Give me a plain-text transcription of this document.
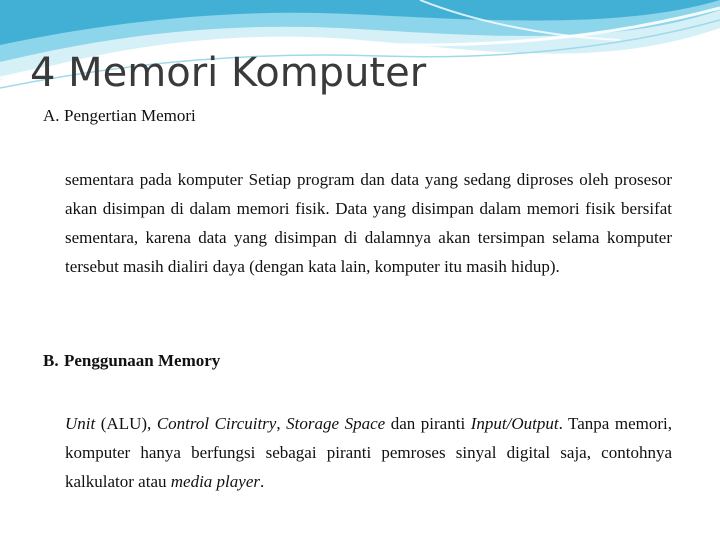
4 Memori Komputer
A. Pengertian Memori
sementara pada komputer Setiap program dan data yang sedang diproses oleh prosesor akan disimpan di dalam memori fisik. Data yang disimpan dalam memori fisik bersifat sementara, karena data yang disimpan di dalamnya akan tersimpan selama komputer tersebut masih dialiri daya (dengan kata lain, komputer itu masih hidup).
B. Penggunaan Memory
Unit (ALU), Control Circuitry, Storage Space dan piranti Input/Output. Tanpa memori, komputer hanya berfungsi sebagai piranti pemroses sinyal digital saja, contohnya kalkulator atau media player.
